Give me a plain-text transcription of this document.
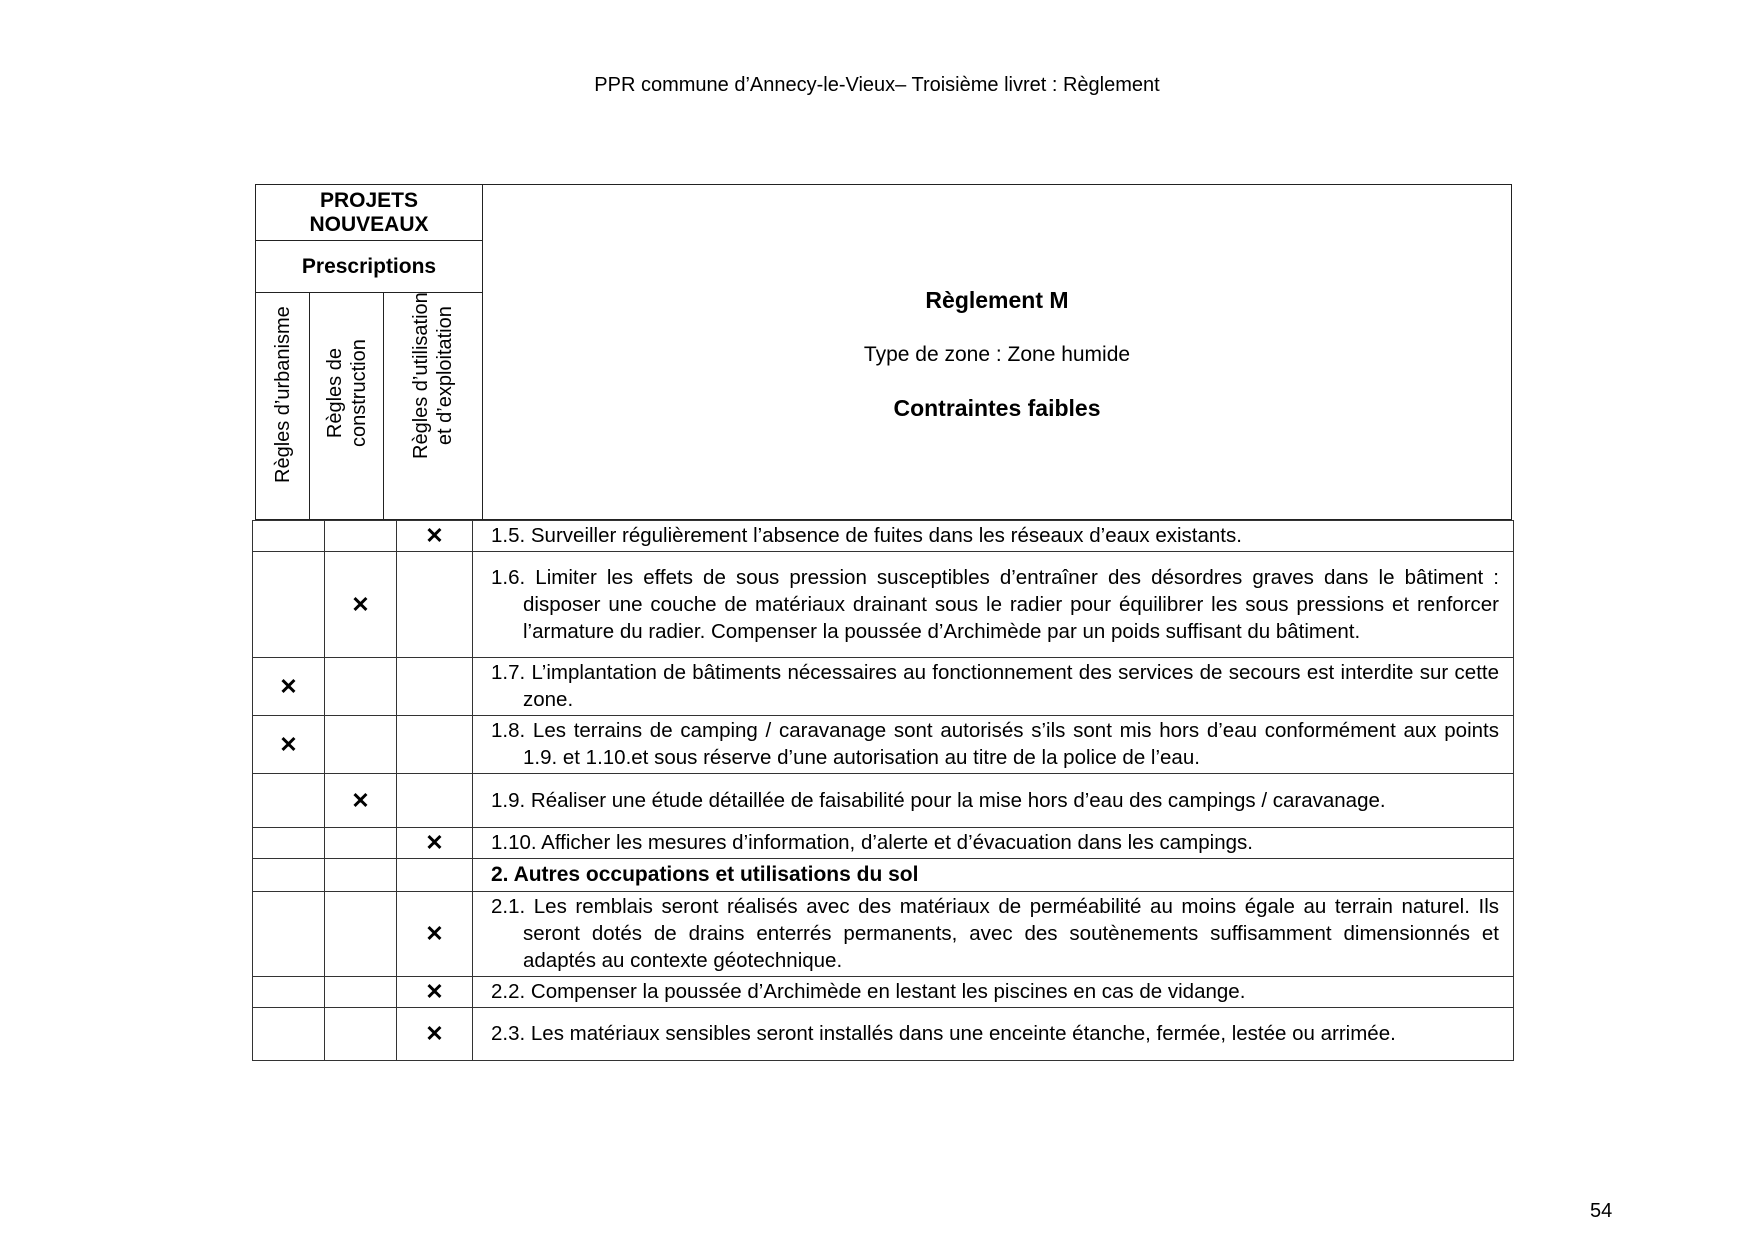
PPR commune d’Annecy-le-Vieux– Troisième livret : Règlement
PROJETS
NOUVEAUX
Prescriptions
Règles d’urbanisme Règles de construction Règles d’utilisation et d’exploitation
Règlement M
Type de zone : Zone humide
Contraintes faibles
		✕	1.5. Surveiller régulièrement l’absence de fuites dans les réseaux d’eaux existants.

	✕		1.6. Limiter les effets de sous pression susceptibles d’entraîner des désordres graves dans le bâtiment : disposer une couche de matériaux drainant sous le radier pour équilibrer les sous pressions et renforcer l’armature du radier. Compenser la poussée d’Archimède par un poids suffisant du bâtiment.

✕			1.7. L’implantation de bâtiments nécessaires au fonctionnement des services de secours est interdite sur cette zone.

✕			1.8. Les terrains de camping / caravanage sont autorisés s’ils sont mis hors d’eau conformément aux points 1.9. et 1.10.et sous réserve d’une autorisation au titre de la police de l’eau.

	✕		1.9. Réaliser une étude détaillée de faisabilité pour la mise hors d’eau des campings / caravanage.

		✕	1.10. Afficher les mesures d’information, d’alerte et d’évacuation dans les campings.

			2. Autres occupations et utilisations du sol

		✕	2.1. Les remblais seront réalisés avec des matériaux de perméabilité au moins égale au terrain naturel. Ils seront dotés de drains enterrés permanents, avec des soutènements suffisamment dimensionnés et adaptés au contexte géotechnique.

		✕	2.2. Compenser la poussée d’Archimède en lestant les piscines en cas de vidange.

		✕	2.3. Les matériaux sensibles seront installés dans une enceinte étanche, fermée, lestée ou arrimée.
54
